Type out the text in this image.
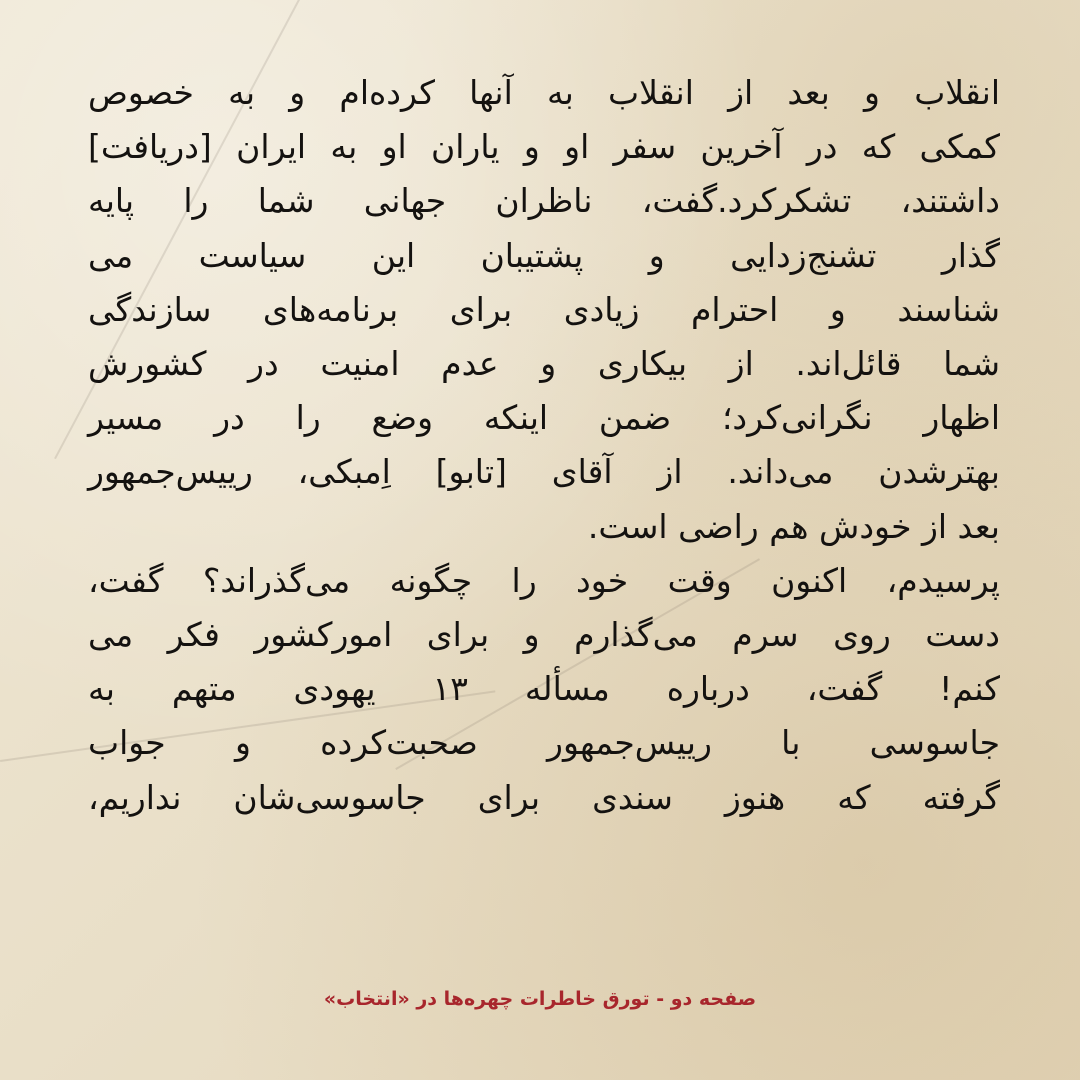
انقلاب و بعد از انقلاب به آنها کرده‌ام و به خصوص
کمکی که در آخرین سفر او و یاران او به ایران [دریافت]
داشتند، تشکرکرد.گفت، ناظران جهانی شما را پایه
گذار تشنج‌زدایی و پشتیبان این سیاست می
شناسند و احترام زیادی برای برنامه‌های سازندگی
شما قائل‌اند. از بیکاری و عدم امنیت در کشورش
اظهار نگرانی‌کرد؛ ضمن اینکه وضع را در مسیر
بهترشدن می‌داند. از آقای [تابو] اِمبکی، رییس‌جمهور
بعد از خودش هم راضی است.
پرسیدم، اکنون وقت خود را چگونه می‌گذراند؟ گفت،
دست روی سرم می‌گذارم و برای امورکشور فکر می
کنم! گفت، درباره مسأله ۱۳ یهودی متهم به
جاسوسی با رییس‌جمهور صحبت‌کرده و جواب
گرفته که هنوز سندی برای جاسوسی‌شان نداریم،
صفحه دو - تورق خاطرات چهره‌ها در «انتخاب»
